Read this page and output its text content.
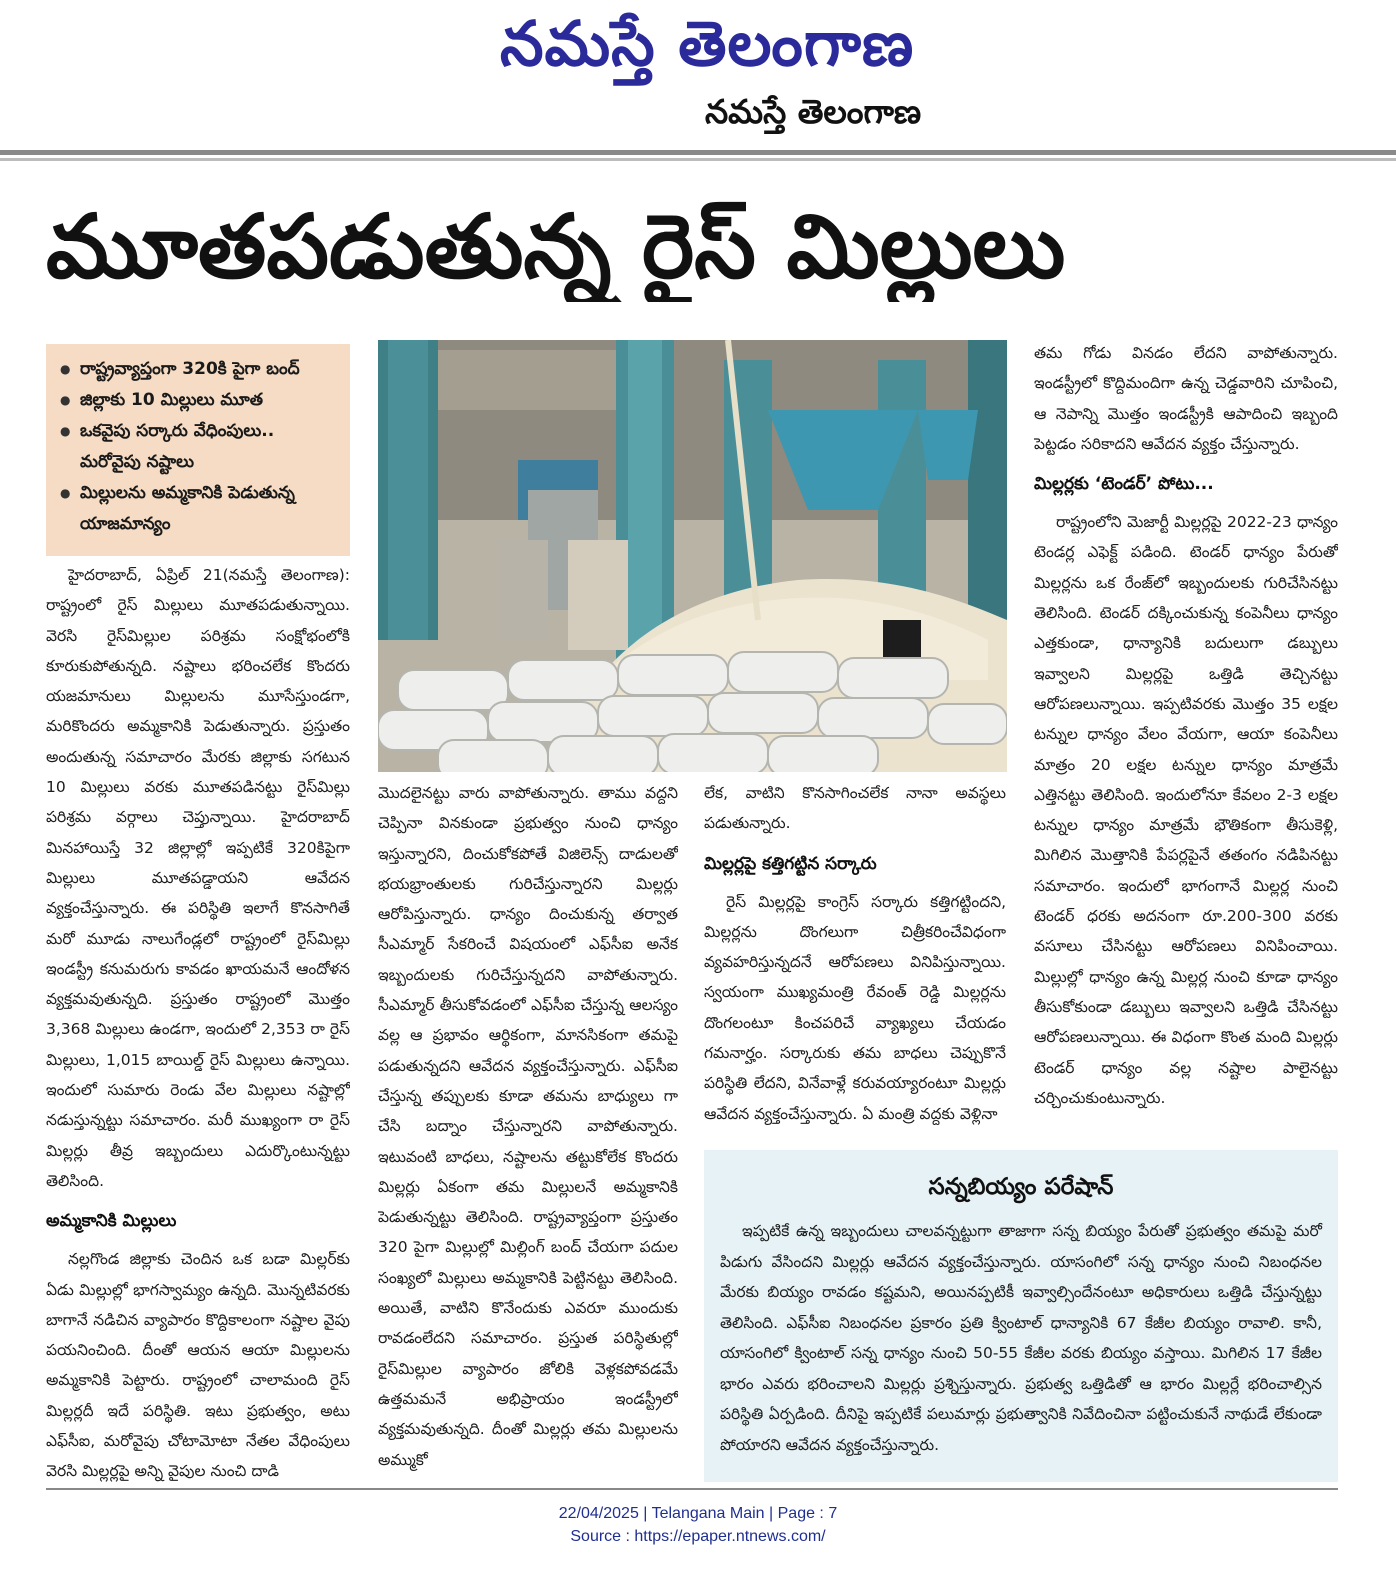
నమస్తే తెలంగాణ
నమస్తే తెలంగాణ
మూతపడుతున్న రైస్ మిల్లులు
● రాష్ట్రవ్యాప్తంగా 320కి పైగా బంద్
● జిల్లాకు 10 మిల్లులు మూత
● ఒకవైపు సర్కారు వేధింపులు.. మరోవైపు నష్టాలు
● మిల్లులను అమ్మకానికి పెడుతున్న యాజమాన్యం

హైదరాబాద్, ఏప్రిల్ 21(నమస్తే తెలంగాణ): రాష్ట్రంలో రైస్ మిల్లులు మూతపడుతున్నాయి. వెరసి రైస్‌మిల్లుల పరిశ్రమ సంక్షోభంలోకి కూరుకుపోతున్నది. నష్టాలు భరించలేక కొందరు యజమానులు మిల్లులను మూసేస్తుండగా, మరికొందరు అమ్మకానికి పెడుతున్నారు. ప్రస్తుతం అందుతున్న సమాచారం మేరకు జిల్లాకు సగటున 10 మిల్లులు వరకు మూతపడినట్టు రైస్‌మిల్లు పరిశ్రమ వర్గాలు చెప్తున్నాయి. హైదరాబాద్ మినహాయిస్తే 32 జిల్లాల్లో ఇప్పటికే 320కిపైగా మిల్లులు మూతపడ్డాయని ఆవేదన వ్యక్తంచేస్తున్నారు. ఈ పరిస్థితి ఇలాగే కొనసాగితే మరో మూడు నాలుగేండ్లలో రాష్ట్రంలో రైస్‌మిల్లు ఇండస్ట్రీ కనుమరుగు కావడం ఖాయమనే ఆందోళన వ్యక్తమవుతున్నది. ప్రస్తుతం రాష్ట్రంలో మొత్తం 3,368 మిల్లులు ఉండగా, ఇందులో 2,353 రా రైస్ మిల్లులు, 1,015 బాయిల్డ్ రైస్ మిల్లులు ఉన్నాయి. ఇందులో సుమారు రెండు వేల మిల్లులు నష్టాల్లో నడుస్తున్నట్టు సమాచారం. మరీ ముఖ్యంగా రా రైస్ మిల్లర్లు తీవ్ర ఇబ్బందులు ఎదుర్కొంటున్నట్టు తెలిసింది.

అమ్మకానికి మిల్లులు

నల్లగొండ జిల్లాకు చెందిన ఒక బడా మిల్లర్‌కు ఏడు మిల్లుల్లో భాగస్వామ్యం ఉన్నది. మొన్నటివరకు బాగానే నడిచిన వ్యాపారం కొద్దికాలంగా నష్టాల వైపు పయనించింది. దీంతో ఆయన ఆయా మిల్లులను అమ్మకానికి పెట్టారు. రాష్ట్రంలో చాలామంది రైస్ మిల్లర్లదీ ఇదే పరిస్థితి. ఇటు ప్రభుత్వం, అటు ఎఫ్‌సీఐ, మరోవైపు చోటామోటా నేతల వేధింపులు వెరసి మిల్లర్లపై అన్ని వైపుల నుంచి దాడి

మొదలైనట్టు వారు వాపోతున్నారు. తాము వద్దని చెప్పినా వినకుండా ప్రభుత్వం నుంచి ధాన్యం ఇస్తున్నారని, దించుకోకపోతే విజిలెన్స్ దాడులతో భయభ్రాంతులకు గురిచేస్తున్నారని మిల్లర్లు ఆరోపిస్తున్నారు. ధాన్యం దించుకున్న తర్వాత సీఎమ్మార్ సేకరించే విషయంలో ఎఫ్‌సీఐ అనేక ఇబ్బందులకు గురిచేస్తున్నదని వాపోతున్నారు. సీఎమ్మార్ తీసుకోవడంలో ఎఫ్‌సీఐ చేస్తున్న ఆలస్యం వల్ల ఆ ప్రభావం ఆర్థికంగా, మానసికంగా తమపై పడుతున్నదని ఆవేదన వ్యక్తంచేస్తున్నారు. ఎఫ్‌సీఐ చేస్తున్న తప్పులకు కూడా తమను బాధ్యులు గా చేసి బద్నాం చేస్తున్నారని వాపోతున్నారు. ఇటువంటి బాధలు, నష్టాలను తట్టుకోలేక కొందరు మిల్లర్లు ఏకంగా తమ మిల్లులనే అమ్మకానికి పెడుతున్నట్టు తెలిసింది. రాష్ట్రవ్యాప్తంగా ప్రస్తుతం 320 పైగా మిల్లుల్లో మిల్లింగ్ బంద్ చేయగా పదుల సంఖ్యలో మిల్లులు అమ్మకానికి పెట్టినట్టు తెలిసింది. అయితే, వాటిని కొనేందుకు ఎవరూ ముందుకు రావడంలేదని సమాచారం. ప్రస్తుత పరిస్థితుల్లో రైస్‌మిల్లుల వ్యాపారం జోలికి వెళ్లకపోవడమే ఉత్తమమనే అభిప్రాయం ఇండస్ట్రీలో వ్యక్తమవుతున్నది. దీంతో మిల్లర్లు తమ మిల్లులను అమ్ముకో

లేక, వాటిని కొనసాగించలేక నానా అవస్థలు పడుతున్నారు.

మిల్లర్లపై కత్తిగట్టిన సర్కారు

రైస్ మిల్లర్లపై కాంగ్రెస్ సర్కారు కత్తిగట్టిందని, మిల్లర్లను దొంగలుగా చిత్రీకరించేవిధంగా వ్యవహరిస్తున్నదనే ఆరోపణలు వినిపిస్తున్నాయి. స్వయంగా ముఖ్యమంత్రి రేవంత్ రెడ్డి మిల్లర్లను దొంగలంటూ కించపరిచే వ్యాఖ్యలు చేయడం గమనార్హం. సర్కారుకు తమ బాధలు చెప్పుకొనే పరిస్థితి లేదని, వినేవాళ్లే కరువయ్యారంటూ మిల్లర్లు ఆవేదన వ్యక్తంచేస్తున్నారు. ఏ మంత్రి వద్దకు వెళ్లినా

తమ గోడు వినడం లేదని వాపోతున్నారు. ఇండస్ట్రీలో కొద్దిమందిగా ఉన్న చెడ్డవారిని చూపించి, ఆ నెపాన్ని మొత్తం ఇండస్ట్రీకి ఆపాదించి ఇబ్బంది పెట్టడం సరికాదని ఆవేదన వ్యక్తం చేస్తున్నారు.

మిల్లర్లకు ‘టెండర్’ పోటు...

రాష్ట్రంలోని మెజార్టీ మిల్లర్లపై 2022-23 ధాన్యం టెండర్ల ఎఫెక్ట్ పడింది. టెండర్ ధాన్యం పేరుతో మిల్లర్లను ఒక రేంజ్‌లో ఇబ్బందులకు గురిచేసినట్టు తెలిసింది. టెండర్ దక్కించుకున్న కంపెనీలు ధాన్యం ఎత్తకుండా, ధాన్యానికి బదులుగా డబ్బులు ఇవ్వాలని మిల్లర్లపై ఒత్తిడి తెచ్చినట్టు ఆరోపణలున్నాయి. ఇప్పటివరకు మొత్తం 35 లక్షల టన్నుల ధాన్యం వేలం వేయగా, ఆయా కంపెనీలు మాత్రం 20 లక్షల టన్నుల ధాన్యం మాత్రమే ఎత్తినట్టు తెలిసింది. ఇందులోనూ కేవలం 2-3 లక్షల టన్నుల ధాన్యం మాత్రమే భౌతికంగా తీసుకెళ్లి, మిగిలిన మొత్తానికి పేపర్లపైనే తతంగం నడిపినట్టు సమాచారం. ఇందులో భాగంగానే మిల్లర్ల నుంచి టెండర్ ధరకు అదనంగా రూ.200-300 వరకు వసూలు చేసినట్టు ఆరోపణలు వినిపించాయి. మిల్లుల్లో ధాన్యం ఉన్న మిల్లర్ల నుంచి కూడా ధాన్యం తీసుకోకుండా డబ్బులు ఇవ్వాలని ఒత్తిడి చేసినట్టు ఆరోపణలున్నాయి. ఈ విధంగా కొంత మంది మిల్లర్లు టెండర్ ధాన్యం వల్ల నష్టాల పాలైనట్టు చర్చించుకుంటున్నారు.

సన్నబియ్యం పరేషాన్

ఇప్పటికే ఉన్న ఇబ్బందులు చాలవన్నట్టుగా తాజాగా సన్న బియ్యం పేరుతో ప్రభుత్వం తమపై మరో పిడుగు వేసిందని మిల్లర్లు ఆవేదన వ్యక్తంచేస్తున్నారు. యాసంగిలో సన్న ధాన్యం నుంచి నిబంధనల మేరకు బియ్యం రావడం కష్టమని, అయినప్పటికీ ఇవ్వాల్సిందేనంటూ అధికారులు ఒత్తిడి చేస్తున్నట్టు తెలిసింది. ఎఫ్‌సీఐ నిబంధనల ప్రకారం ప్రతి క్వింటాల్ ధాన్యానికి 67 కేజీల బియ్యం రావాలి. కానీ, యాసంగిలో క్వింటాల్ సన్న ధాన్యం నుంచి 50-55 కేజీల వరకు బియ్యం వస్తాయి. మిగిలిన 17 కేజీల భారం ఎవరు భరించాలని మిల్లర్లు ప్రశ్నిస్తున్నారు. ప్రభుత్వ ఒత్తిడితో ఆ భారం మిల్లర్లే భరించాల్సిన పరిస్థితి ఏర్పడింది. దీనిపై ఇప్పటికే పలుమార్లు ప్రభుత్వానికి నివేదించినా పట్టించుకునే నాథుడే లేకుండా పోయారని ఆవేదన వ్యక్తంచేస్తున్నారు.

22/04/2025 | Telangana Main | Page : 7
Source : https://epaper.ntnews.com/
